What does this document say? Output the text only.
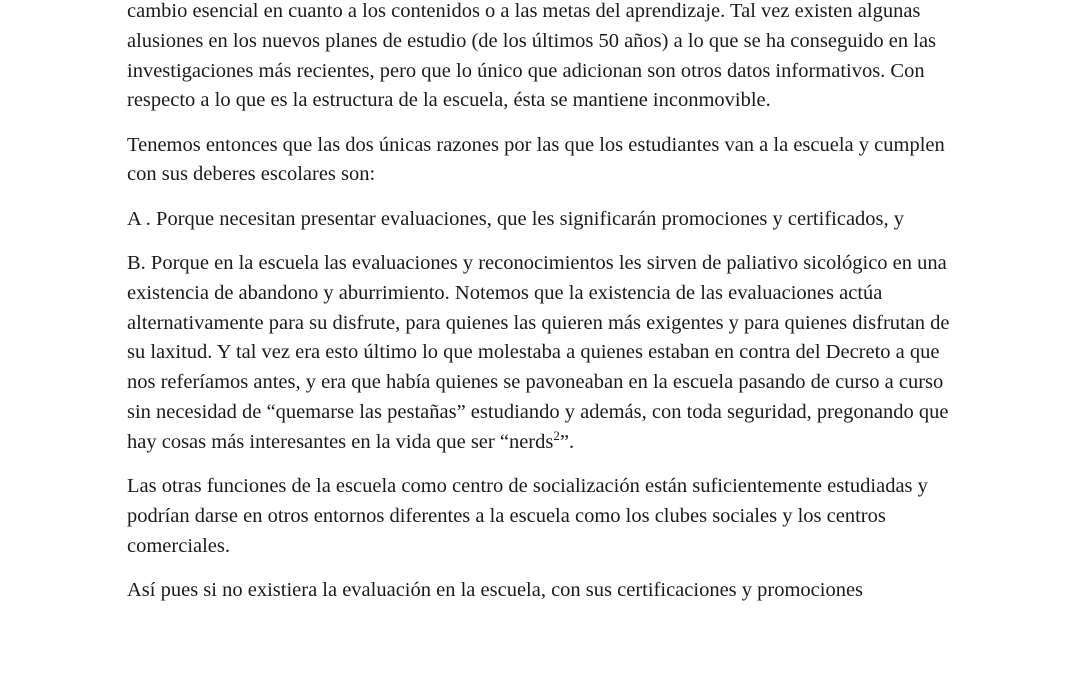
cambio esencial en cuanto a los contenidos o a las metas del aprendizaje. Tal vez existen algunas alusiones en los nuevos planes de estudio (de los últimos 50 años) a lo que se ha conseguido en las investigaciones más recientes, pero que lo único que adicionan son otros datos informativos. Con respecto a lo que es la estructura de la escuela, ésta se mantiene inconmovible.

Tenemos entonces que las dos únicas razones por las que los estudiantes van a la escuela y cumplen con sus deberes escolares son:

A . Porque necesitan presentar evaluaciones, que les significarán promociones y certificados, y

B. Porque en la escuela las evaluaciones y reconocimientos les sirven de paliativo sicológico en una existencia de abandono y aburrimiento. Notemos que la existencia de las evaluaciones actúa alternativamente para su disfrute, para quienes las quieren más exigentes y para quienes disfrutan de su laxitud. Y tal vez era esto último lo que molestaba a quienes estaban en contra del Decreto a que nos referíamos antes, y era que había quienes se pavoneaban en la escuela pasando de curso a curso sin necesidad de “quemarse las pestañas” estudiando y además, con toda seguridad, pregonando que hay cosas más interesantes en la vida que ser “nerds$^2$”.

Las otras funciones de la escuela como centro de socialización están suficientemente estudiadas y podrían darse en otros entornos diferentes a la escuela como los clubes sociales y los centros comerciales.

Así pues si no existiera la evaluación en la escuela, con sus certificaciones y promociones
